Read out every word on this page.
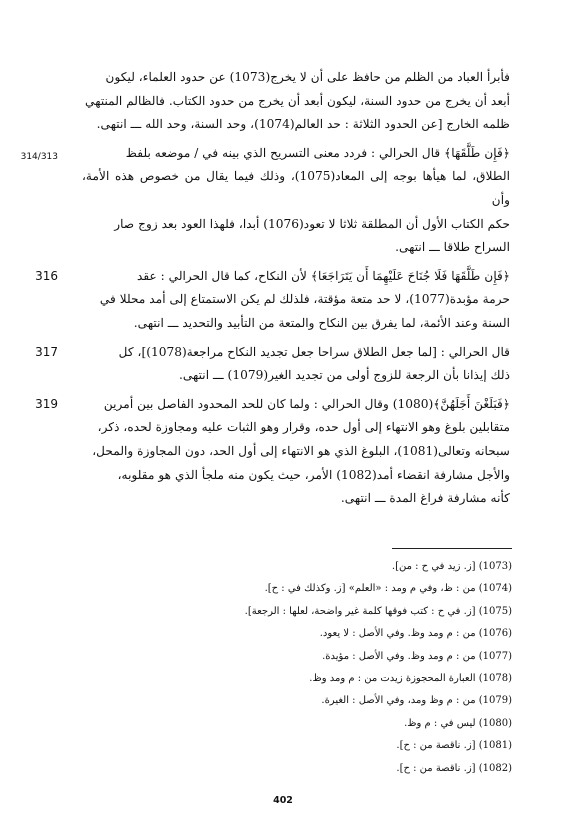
فأبرأ العباد من الظلم من حافظ على أن لا يخرج(1073) عن حدود العلماء، ليكون

أبعد أن يخرج من حدود السنة، ليكون أبعد أن يخرج من حدود الكتاب. فالظالم المنتهي

ظلمه الخارج [عن الحدود الثلاثة : حد العالم(1074)، وحد السنة، وحد الله ـــ انتهى.

314/313	﴿فَإِن طَلَّقَهَا﴾ قال الحرالي : فردد معنى التسريح الذي بينه في / موضعه بلفظ

الطلاق، لما هيأها بوجه إلى المعاد(1075)، وذلك فيما يقال من خصوص هذه الأمة، وأن

حكم الكتاب الأول أن المطلقة ثلاثا لا تعود(1076) أبدا، فلهذا العود بعد زوج صار

السراح طلاقا ـــ انتهى.

316	﴿فَإِن طَلَّقَهَا فَلَا جُنَاحَ عَلَيْهِمَا أَن يَتَرَاجَعَا﴾ لأن النكاح، كما قال الحرالي : عقد

حرمة مؤبدة(1077)، لا حد متعة مؤقتة، فلذلك لم يكن الاستمتاع إلى أمد محللا في

السنة وعند الأئمة، لما يفرق بين النكاح والمتعة من التأبيد والتحديد ـــ انتهى.

317	قال الحرالي : [لما جعل الطلاق سراحا جعل تجديد النكاح مراجعة(1078)]، كل

ذلك إيذانا بأن الرجعة للزوج أولى من تجديد الغير(1079) ـــ انتهى.

319	﴿فَبَلَغْنَ أَجَلَهُنَّ﴾(1080) وقال الحرالي : ولما كان للحد المحدود الفاصل بين أمرين

متقابلين بلوغ وهو الانتهاء إلى أول حده، وقرار وهو الثبات عليه ومجاوزة لحده، ذكر،

سبحانه وتعالى(1081)، البلوغ الذي هو الانتهاء إلى أول الحد، دون المجاوزة والمحل،

والأجل مشارفة انقضاء أمد(1082) الأمر، حيث يكون منه ملجأ الذي هو مقلوبه،

كأنه مشارفة فراغ المدة ـــ انتهى.

(1073) [ز. زيد في ح : من].

(1074) من : ظ، وفي م ومد : «العلم» [ز. وكذلك في : ح].

(1075) [ز. في ح : كتب فوقها كلمة غير واضحة، لعلها : الرجعة].

(1076) من : م ومد وظ. وفي الأصل : لا يعود.

(1077) من : م ومد وظ. وفي الأصل : مؤيدة.

(1078) العبارة المحجوزة زيدت من : م ومد وظ.

(1079) من : م وظ ومد، وفي الأصل : الغيرة.

(1080) ليس في : م وظ.

(1081) [ز. ناقصة من : ح].

(1082) [ز. ناقصة من : ح].

402
